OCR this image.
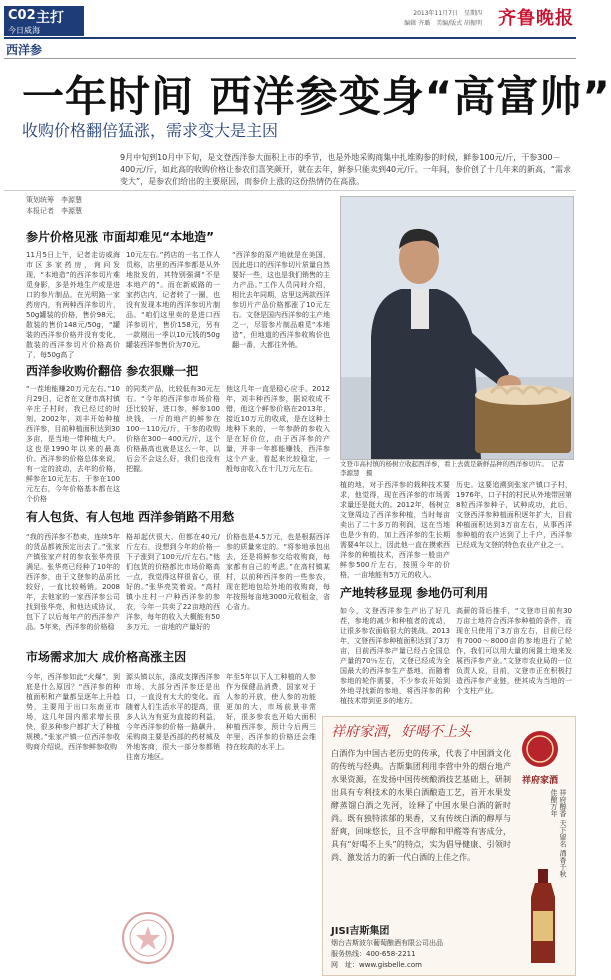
C02 主打
今日威海
2013年11月7日　星期四
编辑 齐璐　美编/版式 胡振明 齐鲁晚报
西洋参
一年时间 西洋参变身“高富帅”
收购价格翻倍猛涨，需求变大是主因
9月中旬到10月中下旬，是文登西洋参大面积上市的季节，也是外地采购商集中扎堆购参的时候，鲜参100元/斤，干参300－400元/斤，如此高的收购价格让参农们喜笑颜开，就在去年，鲜参只能卖到40元/斤。一年间，参价创了十几年来的新高，“需求变大”，是参农们给出的主要原因，而参价上涨的这份热情仍在高涨。
策划统筹　李源慧
本报记者　李源慧
参片价格见涨 市面却难见“本地造”
11月5日上午，记者走访威海市区多家药房，询问发现，“本地造”的西洋参切片难觅身影，多是外地生产或是进口的参片制品。在光明路一家药房内，有两种西洋参切片，50g罐装的价格，售价98元，散装的售价148元/50g，“罐装的西洋参价格并没有变化，散装的西洋参切片价格高价了，每50g高了
10元左右。”药店的一名工作人员称，店里的西洋参都是从外地批发的，其特别强调“不是本地产的”。而在新威路的一家药店内，记者转了一圈，也没有发现本地的西洋参切片制品。“咱们这里卖的是进口西洋参切片，售价158元，另有一款刚出一季以10元钱的50g罐装西洋参售价为70元。
“西洋参的原产地就是在美国，因此进口的西洋参切片质量自然要好一些，这也是我们销售的主力产品。”工作人员同时介绍，相比去年同期，店里这两款西洋参切片产品价格都涨了10元左右。文登是国内西洋参的主产地之一，尽管参片制品难觅“本地造”，但地道的西洋参收购价也翻一番，大都往外销。
西洋参收购价翻倍 参农狠赚一把
“一茬地能赚20万元左右。”10月29日，记者在文登市高村镇辛庄子村时，我已经过的时刻。2002年，刘丰开始种植西洋参，目前种植面积达到30多亩，是当地一带种植大户。这也是1990年以来的最高价。西洋参的价格总体来说，有一定的波动，去年的价格，鲜参在10元左右，干参在100元左右，今年价格基本都在这个价格
的同类产品，比较低有30元左右。“今年的西洋参市场价格还比较好，进口参，鲜参100块钱，一斤的地产的鲜参在100－110元/斤，干参的收购价格在300－400元/斤，这个价格最高也就是这么一年，以后会不会这么好，我们也没有把握。
他这几年一直是稳心应手。2012年，刘丰种西洋参，据说收成不错，他这个鲜参价格在2013年，接近10万元的收成，是在这种土地种下来的，一年参龄的参收入是在好价位，由于西洋参的产量，并非一年都能赚钱，西洋参这个产业，看起来比较稳定，一般每亩收入在十几万元左右。
有人包货、有人包地 西洋参销路不用愁
“我的西洋参不愁卖，连续5年的货品都被预定出去了。”张家产镇张家产村的参农张华亮很满足。张华亮已经种了10年的西洋参，由于文登参的品质比较好，一直比较畅销。2008年，去他家的一家西洋参公司找到张华亮，和他达成协议，包下了以后每年产的西洋参产品。5年来，西洋参的价格稳
格却起伏很大，但都在40元/斤左右，没想到今年的价格一下子涨到了100元/斤左右。”他们包货的价格都比市场价略高一点，我觉得这样很省心，很好的。”张华亮笑着说。“高村镇小庄村一户种西洋参的参农，今年一共卖了22亩地的西洋参，每年的收入大概能有50多万元，一亩地的产量好的
价格也是4.5万元，也是根据西洋参的质量来定的。“将参地承包出去，还是将鲜参交给收购商，每家都有自己的考虑。”在高村镇某村，以前种西洋参的一些参农，现在把地包给外地的收购商，每年按照每亩地3000元收租金，省心省力。
市场需求加大 成价格高涨主因
今年，西洋参如此“火爆”，到底是什么原因？“西洋参的种植面积和产量都呈逐年上升趋势，主要用于出口东南亚市场，这几年国内需求增长很快，很多种参户都扩大了种植规模。”张家产镇一位西洋参收购商介绍说，西洋参鲜参收购
源头镇以东，涤成支撑西洋参市场，大部分西洋参还是出口，一直没有太大的变化。而随着人们生活水平的提高，很多人认为有更为直接的利益，今年西洋参的价格一路飙升，采购商主要是西部的药材城及外地客商，很大一部分参都销往南方地区。
年至5年以下人工种植的人参作为保健品消费，国家对于人参的开放，使人参的功能更加的大，市场前景非常好，很多参农也开始大面积种植西洋参，预计今后两三年里，西洋参的价格还会维持在较高的水平上。
文登市高村镇的杨树立收起西洋参，看上去就是新鲜品种的西洋参切片。　记者　李源慧　摄
植的地，对于西洋参的栽种技术要求，他觉得，现在西洋参的市场需求量还是挺大的。2012年，杨树立文登周边了西洋参种植，当时每亩卖出了二十多万的利润，这在当地也是少有的，加上西洋参的生长期需要4年以上，因此他一直在摸索西洋参的种植技术，西洋参一般亩产鲜参500斤左右，按照今年的价格，一亩地能有5万元的收入。
历史。这要追溯到张家产镇口子村，1976年，口子村的村民从外地带回第8粒西洋参种子，试种成功，此后，文登西洋参种植面积逐年扩大，目前种植面积达到3万亩左右，从事西洋参种植的农户达到了上千户，西洋参已经成为文登的特色农业产业之一。
产地转移显现 参地仍可利用
如今，文登西洋参生产出了好几茬，参地的减少和种植者的流动，让很多参农面临很大的挑战。2013年，文登西洋参种植面积达到了3万亩，目前西洋参产量已经占全国总产量的70％左右，文登已经成为全国最大的西洋参生产基地，而随着参地的轮作需要，不少参农开始到外地寻找新的参地，将西洋参的种植技术带到更多的地方。
高薪的背后推手，“文登市目前有30万亩土地符合西洋参种植的条件，而现在只使用了3万亩左右，目前已经有7000～8000亩的参地进行了轮作，我们可以用大量的闲置土地来发展西洋参产业。”文登市农业局的一位负责人说，目前，文登市正在积极打造西洋参产业链，使其成为当地的一个支柱产业。
祥府家酒，好喝不上头
白酒作为中国古老历史的传承，代表了中国酒文化的传统与经典。吉斯集团利用李营中外的烟台地产水果资源，在发扬中国传统酿酒技艺基础上，研制出具有专利技术的水果白酒酿造工艺，首开水果发酵蒸馏白酒之先河，诠释了中国水果白酒的新时尚。既有独特浓郁的果香，又有传统白酒的醇厚与舒爽，回味悠长，且不含甲醇和甲醛等有害成分，具有“好喝不上头”的特点，实为倡导健康、引领时尚、激发活力的新一代白酒的上佳之作。
JISI吉斯集团
烟台吉斯波尔葡萄酿酒有限公司出品
服务热线：400-658-2211
网　址：www.gisbelle.com
祥府家酒
祥府醇香 天下留名 酒香千秋 佳酿万年
